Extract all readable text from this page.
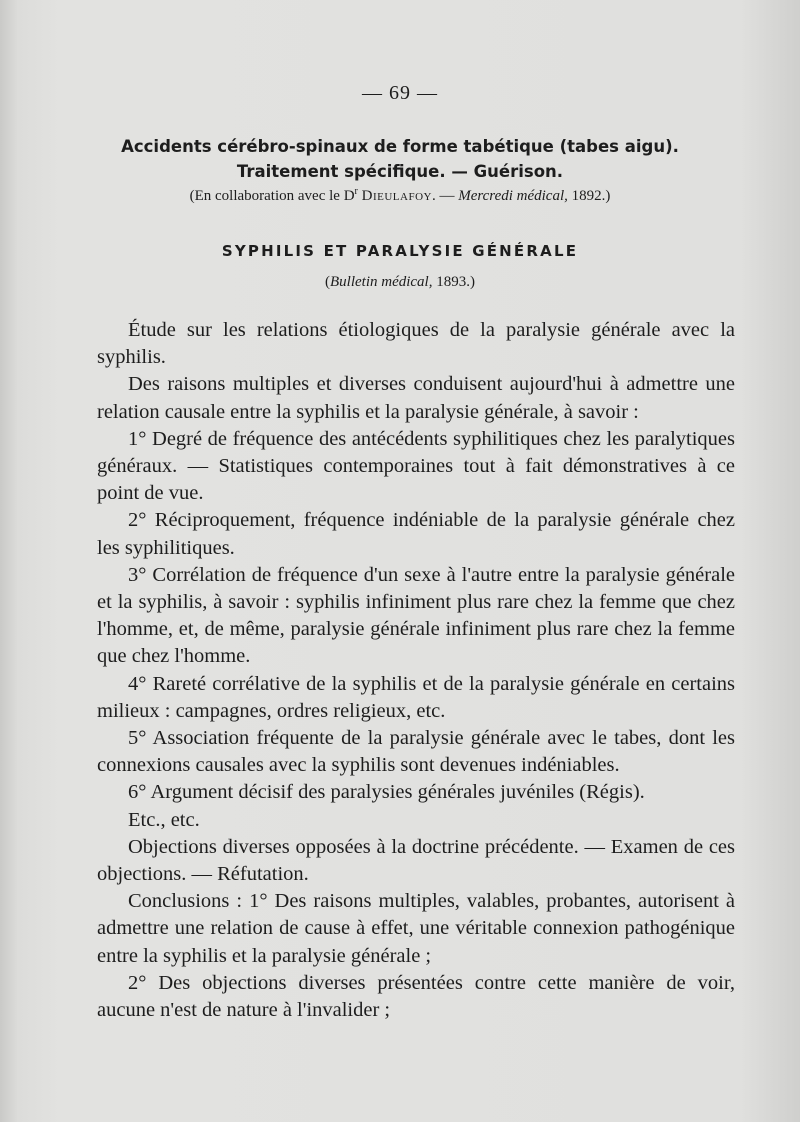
— 69 —
Accidents cérébro-spinaux de forme tabétique (tabes aigu).
Traitement spécifique. — Guérison.
(En collaboration avec le $D^r$ Dieulafoy. — Mercredi médical, 1892.)
SYPHILIS ET PARALYSIE GÉNÉRALE
(Bulletin médical, 1893.)

Étude sur les relations étiologiques de la paralysie générale avec la syphilis.

Des raisons multiples et diverses conduisent aujourd'hui à admettre une relation causale entre la syphilis et la paralysie générale, à savoir :

1° Degré de fréquence des antécédents syphilitiques chez les paralytiques généraux. — Statistiques contemporaines tout à fait démonstratives à ce point de vue.

2° Réciproquement, fréquence indéniable de la paralysie générale chez les syphilitiques.

3° Corrélation de fréquence d'un sexe à l'autre entre la paralysie générale et la syphilis, à savoir : syphilis infiniment plus rare chez la femme que chez l'homme, et, de même, paralysie générale infiniment plus rare chez la femme que chez l'homme.

4° Rareté corrélative de la syphilis et de la paralysie générale en certains milieux : campagnes, ordres religieux, etc.

5° Association fréquente de la paralysie générale avec le tabes, dont les connexions causales avec la syphilis sont devenues indéniables.

6° Argument décisif des paralysies générales juvéniles (Régis).

Etc., etc.

Objections diverses opposées à la doctrine précédente. — Examen de ces objections. — Réfutation.

Conclusions : 1° Des raisons multiples, valables, probantes, autorisent à admettre une relation de cause à effet, une véritable connexion pathogénique entre la syphilis et la paralysie générale ;

2° Des objections diverses présentées contre cette manière de voir, aucune n'est de nature à l'invalider ;
